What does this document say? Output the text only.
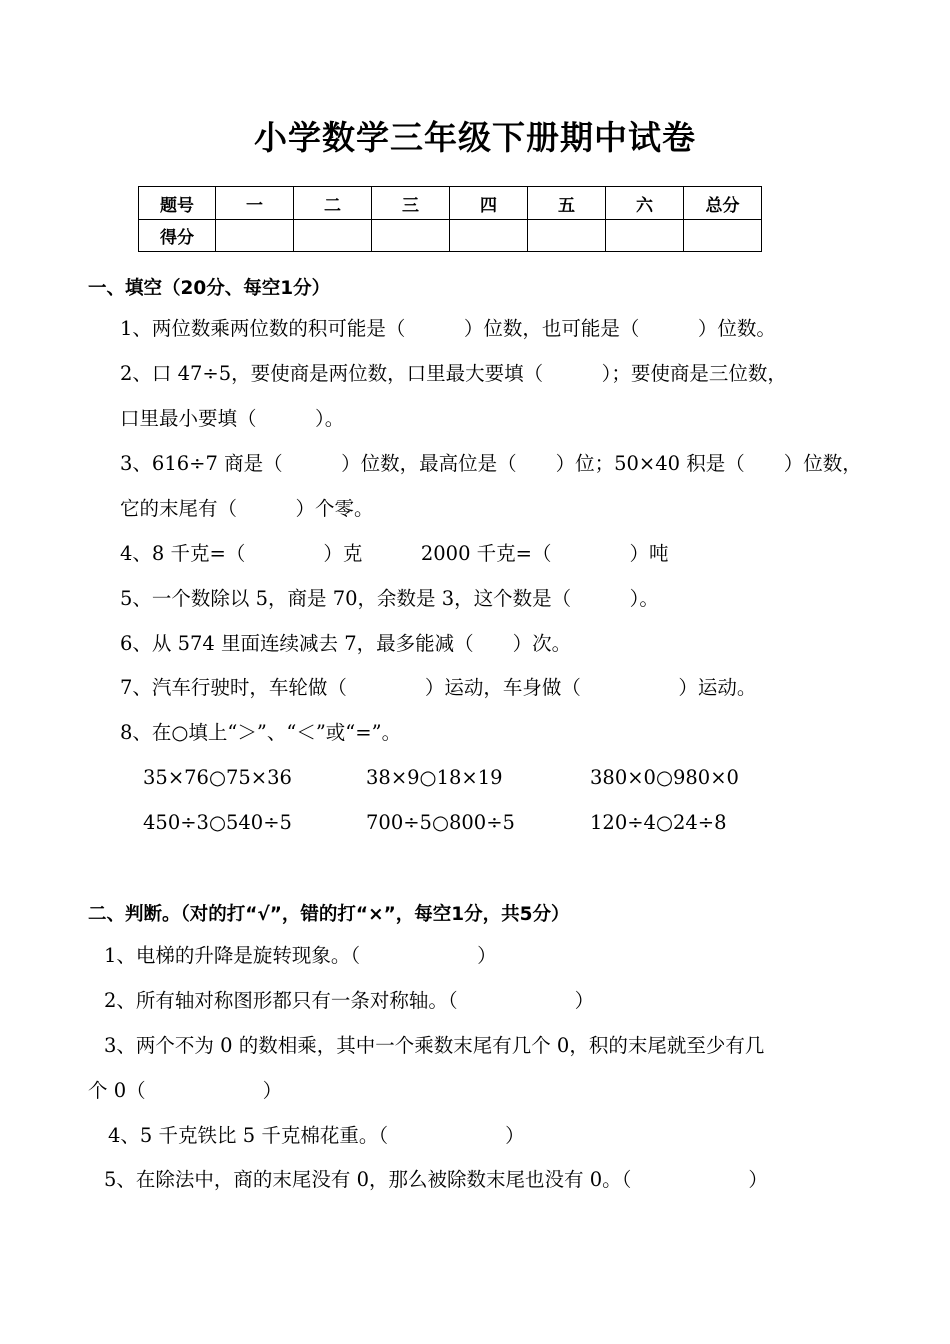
小学数学三年级下册期中试卷
题号	一	二	三	四	五	六	总分
得分							
一、填空（20分、每空1分）
1、两位数乘两位数的积可能是（　　　）位数，也可能是（　　　）位数。
2、口 47÷5，要使商是两位数，口里最大要填（　　　）；要使商是三位数，
口里最小要填（　　　）。
3、616÷7 商是（　　　）位数，最高位是（　　）位；50×40 积是（　　）位数，
它的末尾有（　　　）个零。
4、8 千克=（　　　　）克　　　2000 千克=（　　　　）吨
5、一个数除以 5，商是 70，余数是 3，这个数是（　　　）。
6、从 574 里面连续减去 7，最多能减（　　）次。
7、汽车行驶时，车轮做（　　　　）运动，车身做（　　　　　）运动。
8、在○填上“＞”、“＜”或“=”。
35×76○75×36	38×9○18×19	380×0○980×0
450÷3○540÷5	700÷5○800÷5	120÷4○24÷8
二、判断。（对的打“√”，错的打“×”，每空1分，共5分）
1、电梯的升降是旋转现象。（　　　　　　）
2、所有轴对称图形都只有一条对称轴。（　　　　　　）
3、两个不为 0 的数相乘，其中一个乘数末尾有几个 0，积的末尾就至少有几
个 0（　　　　　　）
4、5 千克铁比 5 千克棉花重。（　　　　　　）
5、在除法中，商的末尾没有 0，那么被除数末尾也没有 0。（　　　　　　）
